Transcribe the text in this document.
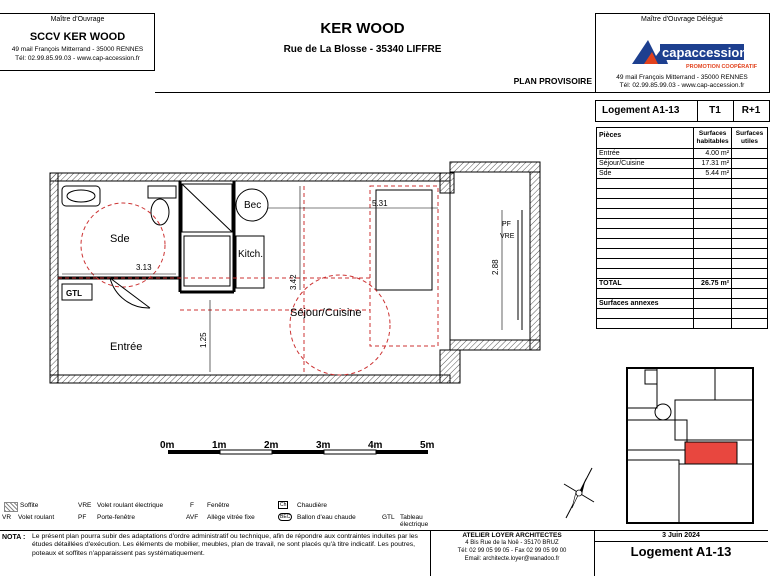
Maître d'Ouvrage
SCCV KER WOOD
49 mail François Mitterrand - 35000 RENNES
Tél: 02.99.85.99.03 - www.cap-accession.fr
KER WOOD
Rue de La Blosse - 35340 LIFFRE
PLAN PROVISOIRE
Maître d'Ouvrage Délégué
capaccession
PROMOTION COOPÉRATIF
49 mail François Mitterrand - 35000 RENNES
Tél: 02.99.85.99.03 - www.cap-accession.fr
Logement A1-13	T1	R+1
Pièces	Surfaces habitables	Surfaces utiles
Entrée	4.00 m²	
Séjour/Cuisine	17.31 m²	
Sde	5.44 m²	

TOTAL	26.75 m²	

Surfaces annexes		

Sde
Entrée
Séjour/Cuisine
Bec
Kitch.
GTL
5.31
3.13
3.42
2.88
1.25
PF
VRE
0m	1m	2m	3m	4m	5m
Soffite
VR Volet roulant
VRE Volet roulant électrique
PF Porte-fenêtre
F Fenêtre
AVF Allège vitrée fixe
Ch	Chaudière
BEC	Ballon d'eau chaude	GTL Tableau électrique
NOTA : Le présent plan pourra subir des adaptations d'ordre administratif ou technique, afin de répondre aux contraintes induites par les études détaillées d'exécution. Les éléments de mobilier, meubles, plan de travail, ne sont placés qu'à titre indicatif. Les poutres, poteaux et soffites n'apparaissent pas systématiquement.
ATELIER LOYER ARCHITECTES
4 Bis Rue de la Noë - 35170 BRUZ
Tél: 02 99 05 99 05 - Fax 02 99 05 99 00
Email: architecte.loyer@wanadoo.fr
3 Juin 2024
Logement A1-13
